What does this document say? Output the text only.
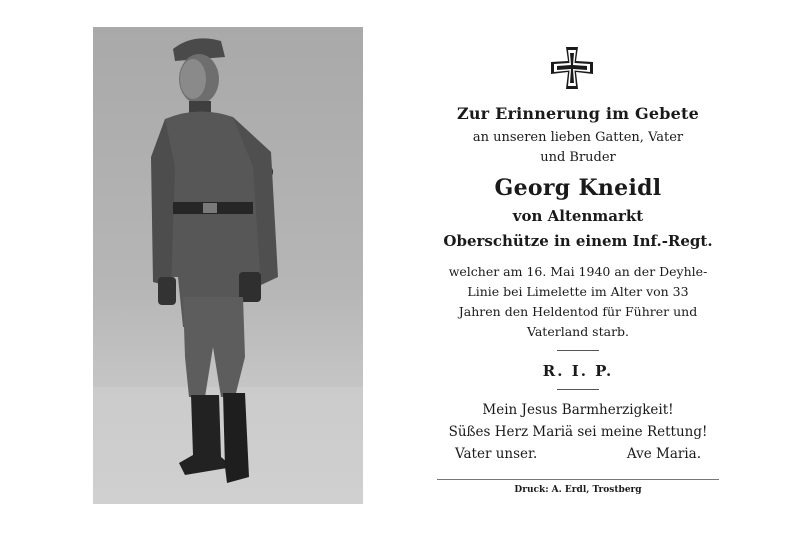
Zur Erinnerung im Gebete
an unseren lieben Gatten, Vater
und Bruder
Georg Kneidl
von Altenmarkt
Oberschütze in einem Inf.-Regt.
welcher am 16. Mai 1940 an der Deyhle-
Linie bei Limelette im Alter von 33
Jahren den Heldentod für Führer und
Vaterland starb.
R. I. P.
Mein Jesus Barmherzigkeit!
Süßes Herz Mariä sei meine Rettung!
Vater unser.	Ave Maria.
Druck: A. Erdl, Trostberg
